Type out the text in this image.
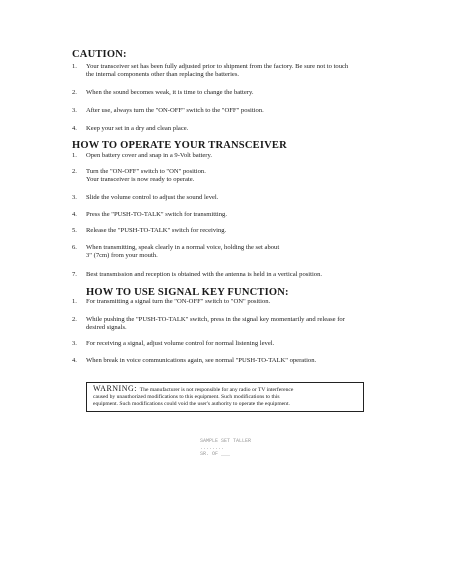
CAUTION:
1. Your transceiver set has been fully adjusted prior to shipment from the factory. Be sure not to touch
the internal components other than replacing the batteries.
2. When the sound becomes weak, it is time to change the battery.
3. After use, always turn the "ON-OFF" switch to the "OFF" position.
4. Keep your set in a dry and clean place.
HOW TO OPERATE YOUR TRANSCEIVER
1. Open battery cover and snap in a 9-Volt battery.
2. Turn the "ON-OFF" switch to "ON" position.
Your transceiver is now ready to operate.
3. Slide the volume control to adjust the sound level.
4. Press the "PUSH-TO-TALK" switch for transmitting.
5. Release the "PUSH-TO-TALK" switch for receiving.
6. When transmitting, speak clearly in a normal voice, holding the set about
3" (7cm) from your mouth.
7. Best transmission and reception is obtained with the antenna is held in a vertical position.
HOW TO USE SIGNAL KEY FUNCTION:
1. For transmitting a signal turn the "ON-OFF" switch to "ON" position.
2. While pushing the "PUSH-TO-TALK" switch, press in the signal key momentarily and release for
desired signals.
3. For receiving a signal, adjust volume control for normal listening level.
4. When break in voice communications again, see normal "PUSH-TO-TALK" operation.
WARNING: The manufacturer is not responsible for any radio or TV interference
caused by unauthorized modifications to this equipment. Such modifications to this
equipment. Such modifications could void the user's authority to operate the equipment.
SAMPLE SET TALLER
........
SR. OF ___
